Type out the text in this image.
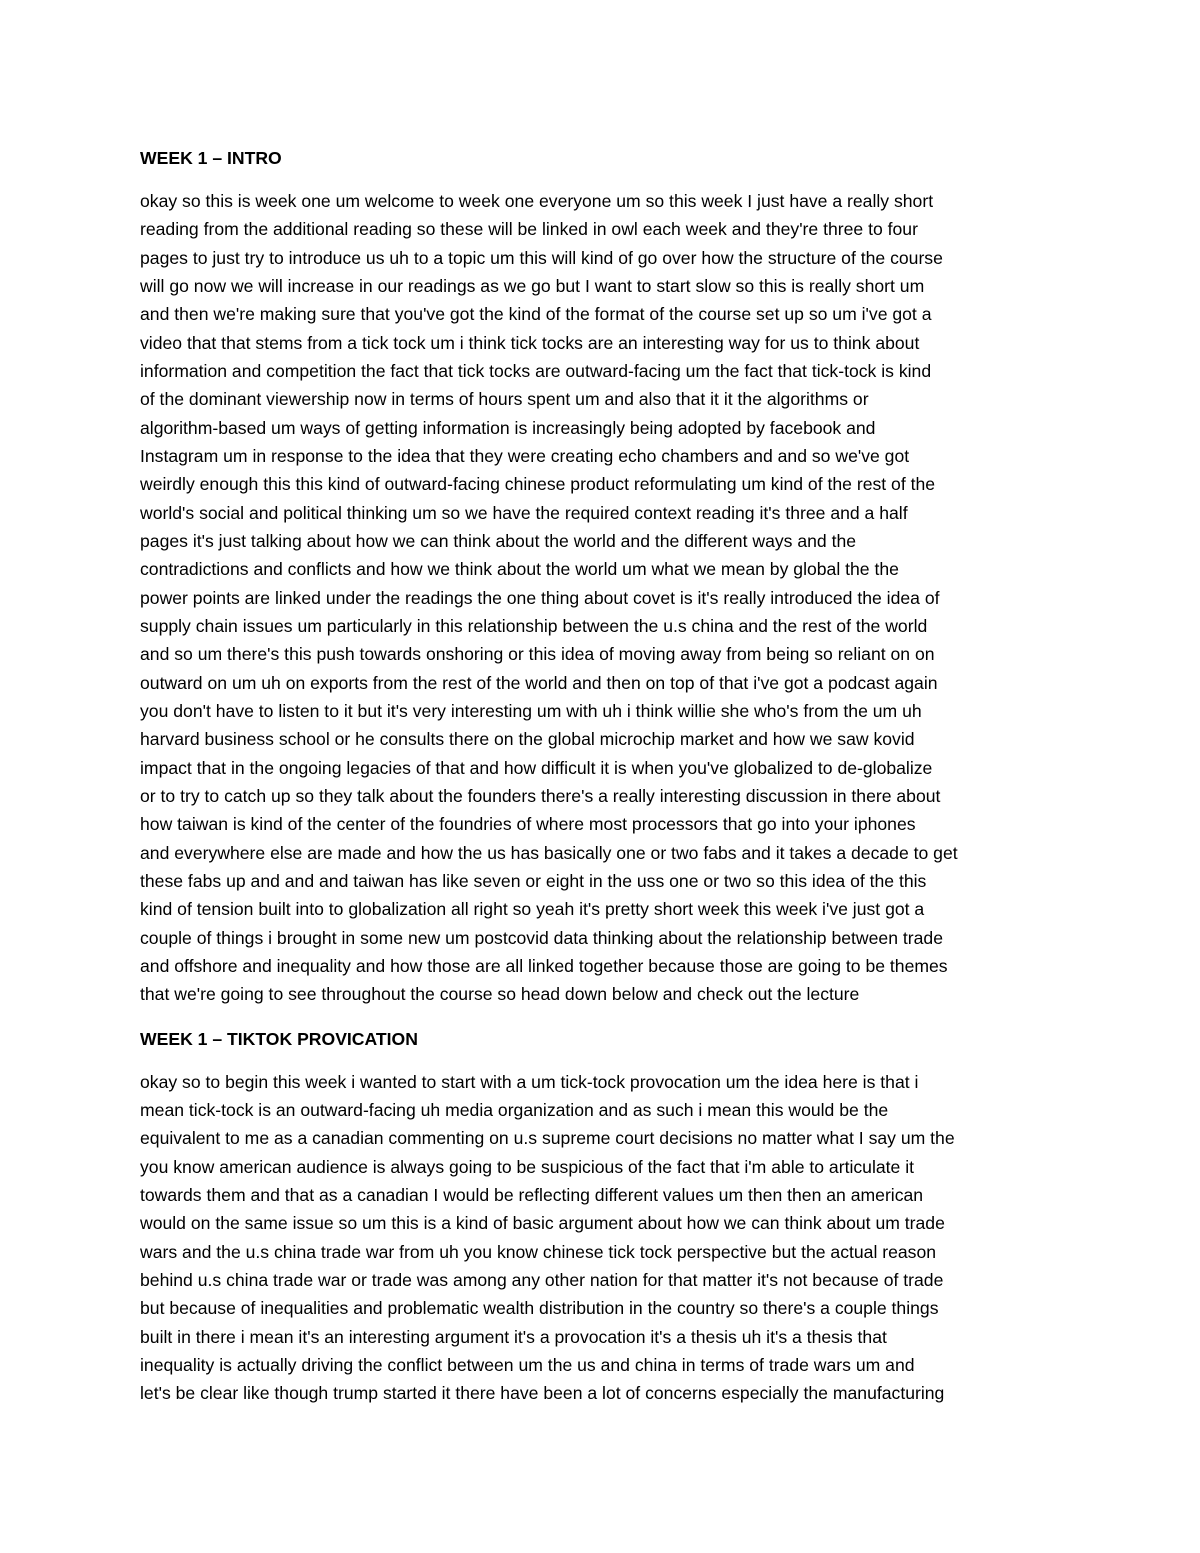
WEEK 1 – INTRO
okay so this is week one um welcome to week one everyone um so this week I just have a really short
reading from the additional reading so these will be linked in owl each week and they're three to four
pages to just try to introduce us uh to a topic um this will kind of go over how the structure of the course
will go now we will increase in our readings as we go but I want to start slow so this is really short um
and then we're making sure that you've got the kind of the format of the course set up so um i've got a
video that that stems from a tick tock um i think tick tocks are an interesting way for us to think about
information and competition the fact that tick tocks are outward-facing um the fact that tick-tock is kind
of the dominant viewership now in terms of hours spent um and also that it it the algorithms or
algorithm-based um ways of getting information is increasingly being adopted by facebook and
Instagram um in response to the idea that they were creating echo chambers and and so we've got
weirdly enough this this kind of outward-facing chinese product reformulating um kind of the rest of the
world's social and political thinking um so we have the required context reading it's three and a half
pages it's just talking about how we can think about the world and the different ways and the
contradictions and conflicts and how we think about the world um what we mean by global the the
power points are linked under the readings the one thing about covet is it's really introduced the idea of
supply chain issues um particularly in this relationship between the u.s china and the rest of the world
and so um there's this push towards onshoring or this idea of moving away from being so reliant on on
outward on um uh on exports from the rest of the world and then on top of that i've got a podcast again
you don't have to listen to it but it's very interesting um with uh i think willie she who's from the um uh
harvard business school or he consults there on the global microchip market and how we saw kovid
impact that in the ongoing legacies of that and how difficult it is when you've globalized to de-globalize
or to try to catch up so they talk about the founders there's a really interesting discussion in there about
how taiwan is kind of the center of the foundries of where most processors that go into your iphones
and everywhere else are made and how the us has basically one or two fabs and it takes a decade to get
these fabs up and and and taiwan has like seven or eight in the uss one or two so this idea of the this
kind of tension built into to globalization all right so yeah it's pretty short week this week i've just got a
couple of things i brought in some new um postcovid data thinking about the relationship between trade
and offshore and inequality and how those are all linked together because those are going to be themes
that we're going to see throughout the course so head down below and check out the lecture
WEEK 1 – TIKTOK PROVICATION
okay so to begin this week i wanted to start with a um tick-tock provocation um the idea here is that i
mean tick-tock is an outward-facing uh media organization and as such i mean this would be the
equivalent to me as a canadian commenting on u.s supreme court decisions no matter what I say um the
you know american audience is always going to be suspicious of the fact that i'm able to articulate it
towards them and that as a canadian I would be reflecting different values um then then an american
would on the same issue so um this is a kind of basic argument about how we can think about um trade
wars and the u.s china trade war from uh you know chinese tick tock perspective but the actual reason
behind u.s china trade war or trade was among any other nation for that matter it's not because of trade
but because of inequalities and problematic wealth distribution in the country so there's a couple things
built in there i mean it's an interesting argument it's a provocation it's a thesis uh it's a thesis that
inequality is actually driving the conflict between um the us and china in terms of trade wars um and
let's be clear like though trump started it there have been a lot of concerns especially the manufacturing
